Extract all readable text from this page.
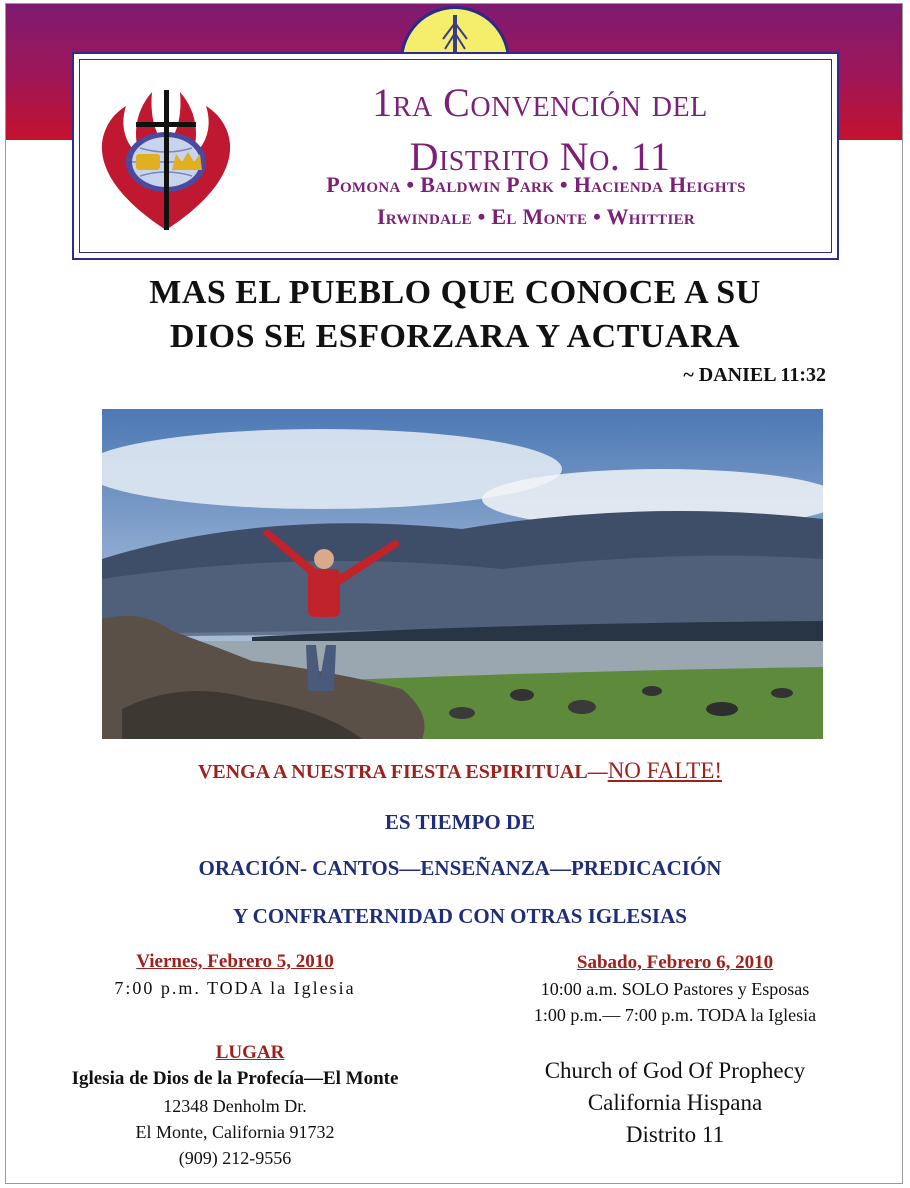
1ra Convención del
Distrito No. 11
Pomona • Baldwin Park • Hacienda Heights
Irwindale • El Monte • Whittier
MAS EL PUEBLO QUE CONOCE A SU
DIOS SE ESFORZARA Y ACTUARA
~ DANIEL 11:32
VENGA A NUESTRA FIESTA ESPIRITUAL—NO FALTE!
ES TIEMPO DE
ORACIÓN- CANTOS—ENSEÑANZA—PREDICACIÓN
Y CONFRATERNIDAD CON OTRAS IGLESIAS
Viernes, Febrero 5, 2010
7:00 p.m. TODA la Iglesia
Sabado, Febrero 6, 2010
10:00 a.m. SOLO Pastores y Esposas
1:00 p.m.— 7:00 p.m. TODA la Iglesia
LUGAR
Iglesia de Dios de la Profecía—El Monte
12348 Denholm Dr.
El Monte, California 91732
(909) 212-9556
Church of God Of Prophecy
California Hispana
Distrito 11
